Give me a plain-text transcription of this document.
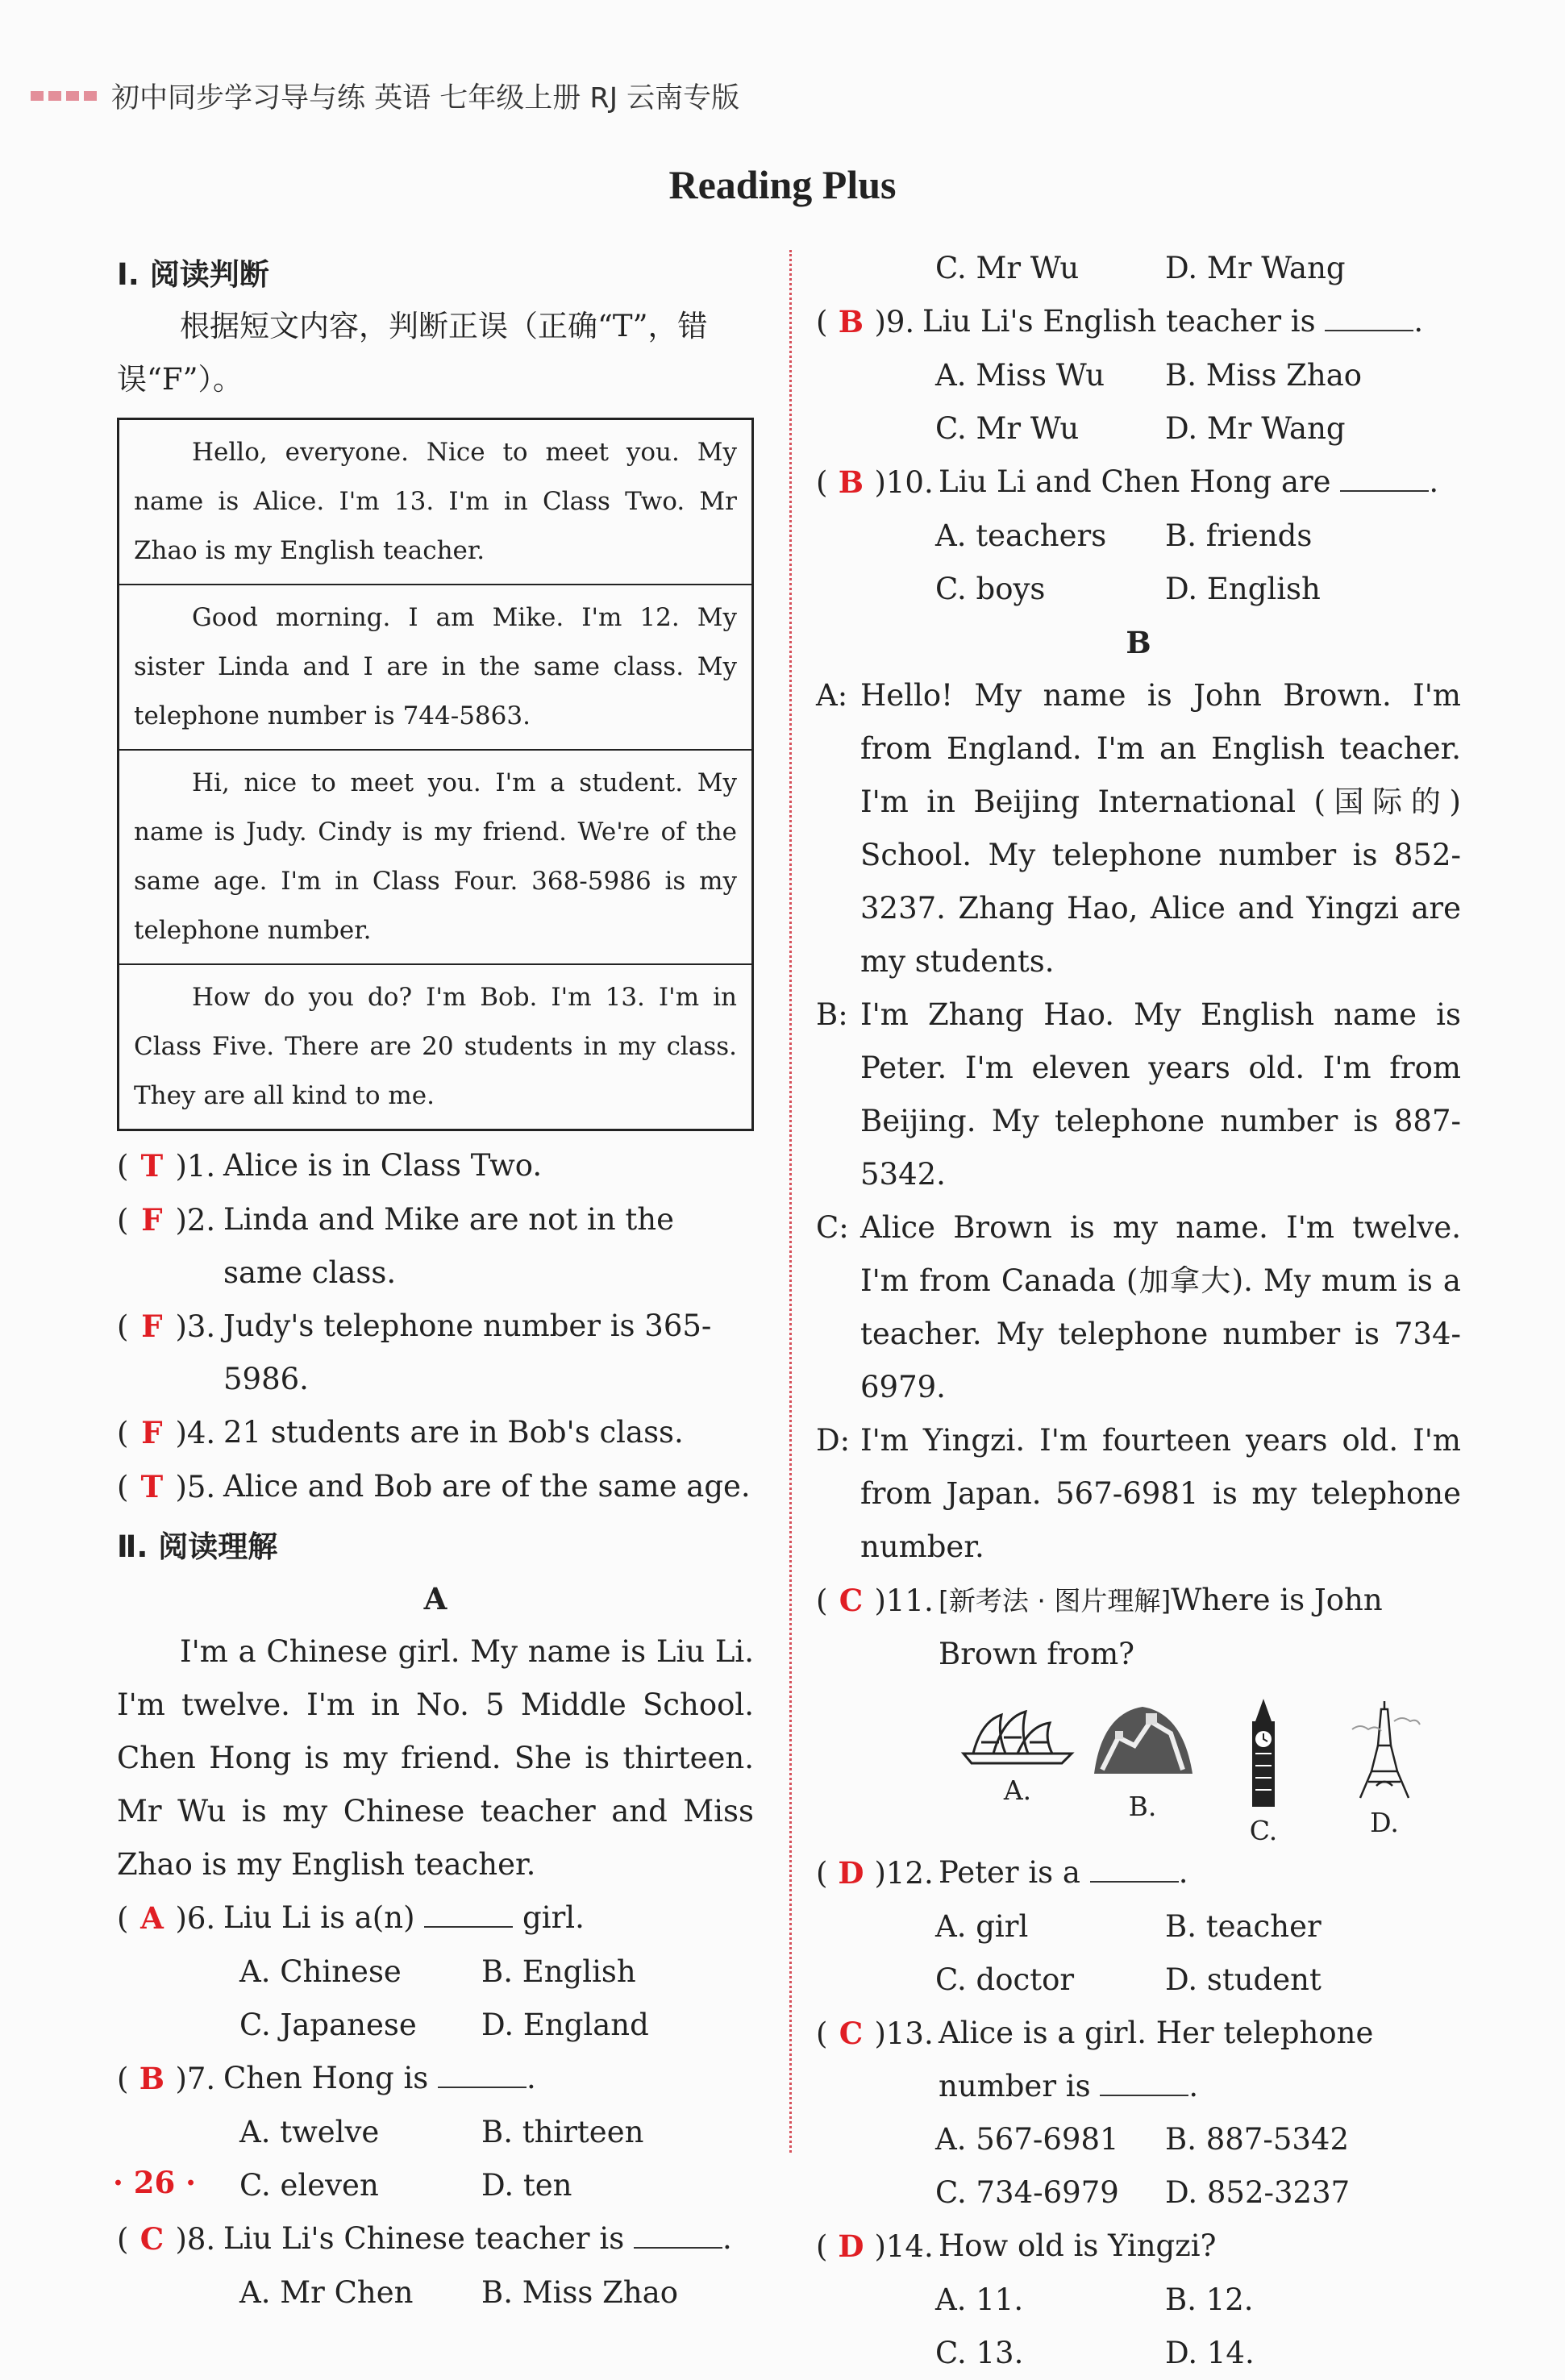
初中同步学习导与练 英语 七年级上册 RJ 云南专版
Reading Plus
Ⅰ. 阅读判断

根据短文内容，判断正误（正确“T”，错误“F”）。

Hello, everyone. Nice to meet you. My name is Alice. I'm 13. I'm in Class Two. Mr Zhao is my English teacher.

Good morning. I am Mike. I'm 12. My sister Linda and I are in the same class. My telephone number is 744-5863.

Hi, nice to meet you. I'm a student. My name is Judy. Cindy is my friend. We're of the same age. I'm in Class Four. 368-5986 is my telephone number.

How do you do? I'm Bob. I'm 13. I'm in Class Five. There are 20 students in my class. They are all kind to me.

( T )1. Alice is in Class Two.
( F )2. Linda and Mike are not in the same class.
( F )3. Judy's telephone number is 365-5986.
( F )4. 21 students are in Bob's class.
( T )5. Alice and Bob are of the same age.
Ⅱ. 阅读理解
A

I'm a Chinese girl. My name is Liu Li. I'm twelve. I'm in No. 5 Middle School. Chen Hong is my friend. She is thirteen. Mr Wu is my Chinese teacher and Miss Zhao is my English teacher.

( A )6. Liu Li is a(n)	girl.
A. Chinese	B. English
C. Japanese	D. England
( B )7. Chen Hong is	.
A. twelve	B. thirteen
C. eleven	D. ten
( C )8. Liu Li's Chinese teacher is	.
A. Mr Chen	B. Miss Zhao
C. Mr Wu	D. Mr Wang
( B )9. Liu Li's English teacher is	.
A. Miss Wu	B. Miss Zhao
C. Mr Wu	D. Mr Wang
( B )10. Liu Li and Chen Hong are	.
A. teachers	B. friends
C. boys	D. English
B
A: Hello! My name is John Brown. I'm from England. I'm an English teacher. I'm in Beijing International (国际的) School. My telephone number is 852-3237. Zhang Hao, Alice and Yingzi are my students.
B: I'm Zhang Hao. My English name is Peter. I'm eleven years old. I'm from Beijing. My telephone number is 887-5342.
C: Alice Brown is my name. I'm twelve. I'm from Canada (加拿大). My mum is a teacher. My telephone number is 734-6979.
D: I'm Yingzi. I'm fourteen years old. I'm from Japan. 567-6981 is my telephone number.
( C )11. [新考法 · 图片理解]Where is John Brown from?
A.
B.
C.	D.
( D )12. Peter is a	.
A. girl	B. teacher
C. doctor	D. student
( C )13. Alice is a girl. Her telephone number is	.
A. 567-6981	B. 887-5342
C. 734-6979	D. 852-3237
( D )14. How old is Yingzi?
A. 11.	B. 12.
C. 13.	D. 14.
· 26 ·
